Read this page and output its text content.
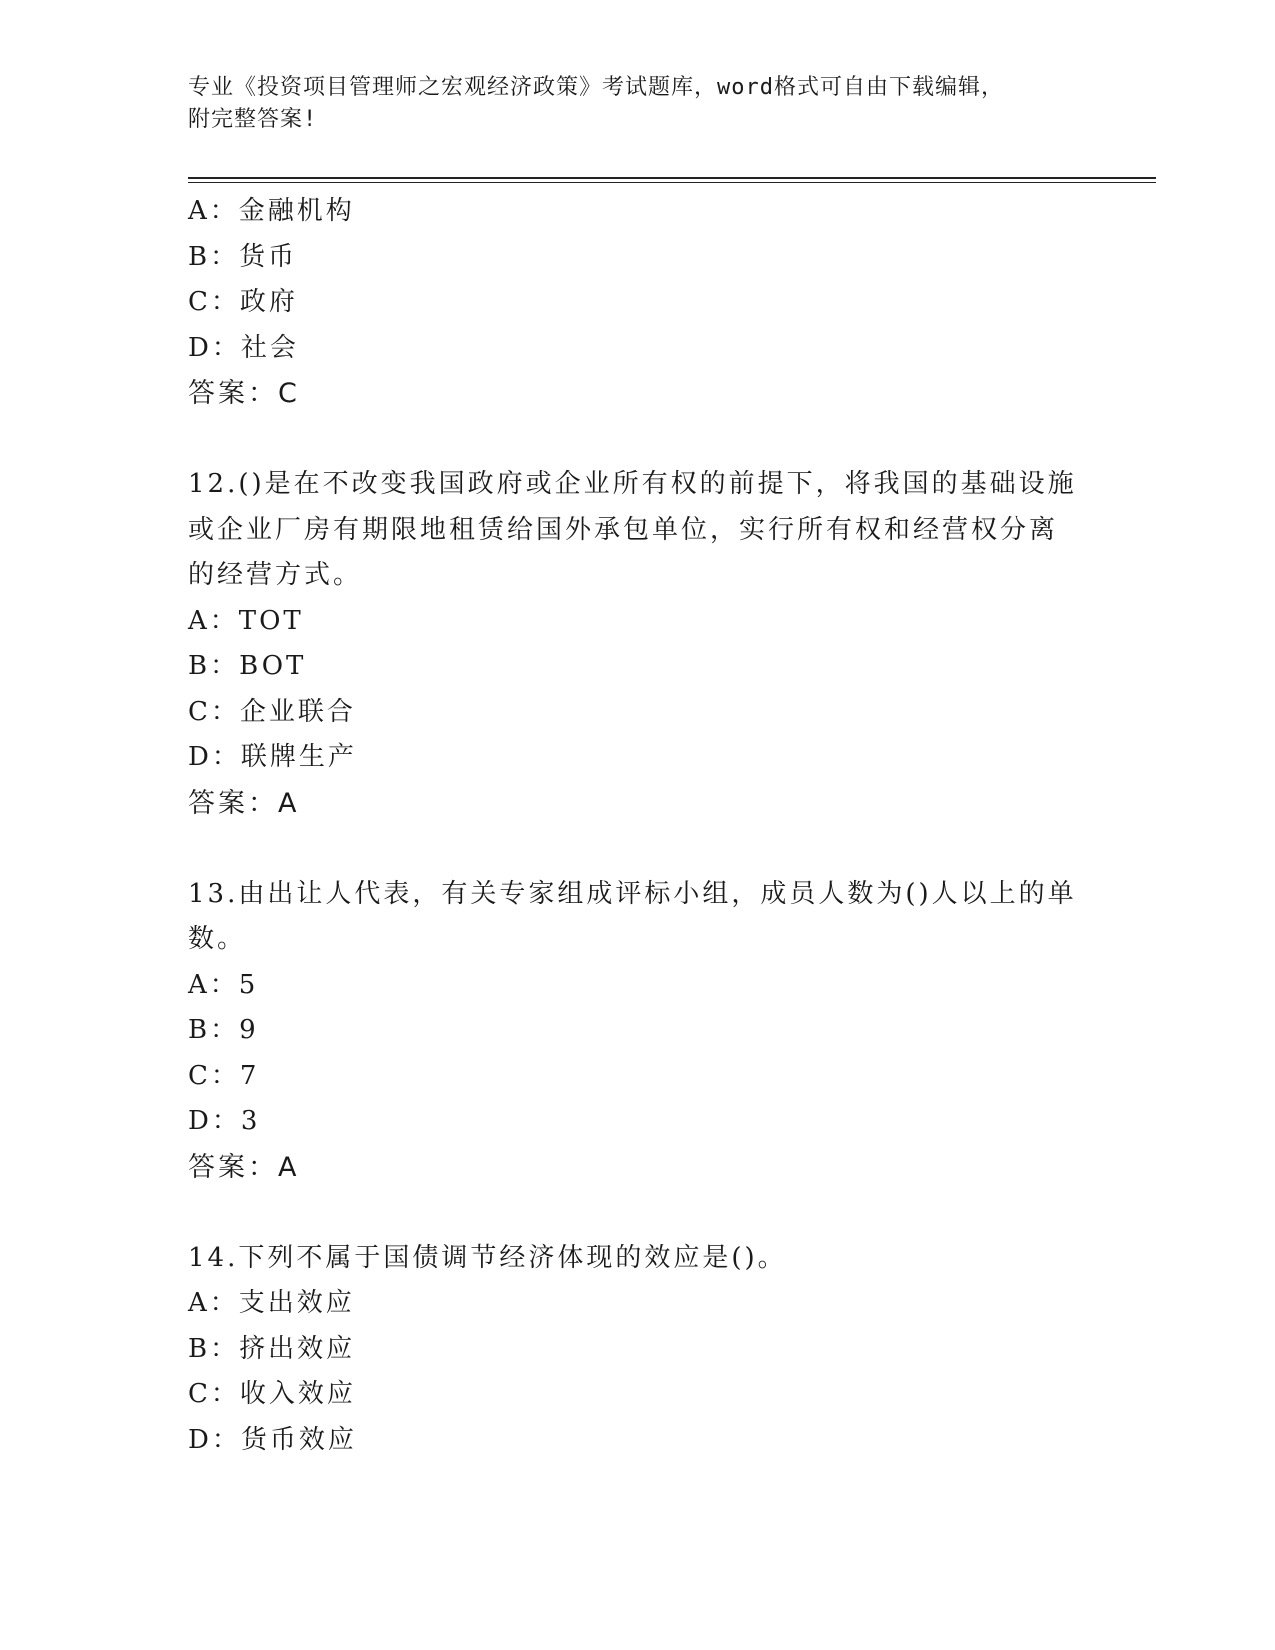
专业《投资项目管理师之宏观经济政策》考试题库，word格式可自由下载编辑，
附完整答案!
A：金融机构
B：货币
C：政府
D：社会
答案：C
12.()是在不改变我国政府或企业所有权的前提下，将我国的基础设施
或企业厂房有期限地租赁给国外承包单位，实行所有权和经营权分离
的经营方式。
A：TOT
B：BOT
C：企业联合
D：联牌生产
答案：A
13.由出让人代表，有关专家组成评标小组，成员人数为()人以上的单
数。
A：5
B：9
C：7
D：3
答案：A
14.下列不属于国债调节经济体现的效应是()。
A：支出效应
B：挤出效应
C：收入效应
D：货币效应
